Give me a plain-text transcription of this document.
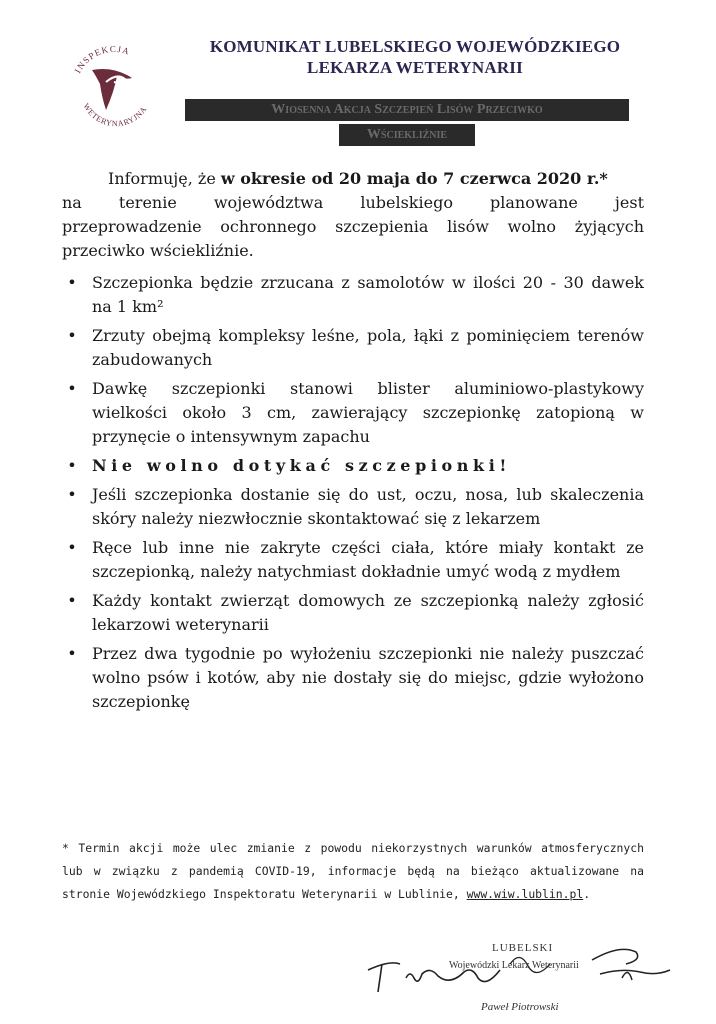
INSPEKCJA
WETERYNARYJNA
KOMUNIKAT LUBELSKIEGO WOJEWÓDZKIEGO
LEKARZA WETERYNARII
Wiosenna Akcja Szczepień Lisów Przeciwko
Wściekliźnie

Informuję, że w okresie od 20 maja do 7 czerwca 2020 r.*
na terenie województwa lubelskiego planowane jest
przeprowadzenie ochronnego szczepienia lisów wolno żyjących
przeciwko wściekliźnie.

• Szczepionka będzie zrzucana z samolotów w ilości 20 - 30 dawek na 1 km²
• Zrzuty obejmą kompleksy leśne, pola, łąki z pominięciem terenów zabudowanych
• Dawkę szczepionki stanowi blister aluminiowo-plastykowy wielkości około 3 cm, zawierający szczepionkę zatopioną w przynęcie o intensywnym zapachu
• Nie wolno dotykać szczepionki!
• Jeśli szczepionka dostanie się do ust, oczu, nosa, lub skaleczenia skóry należy niezwłocznie skontaktować się z lekarzem
• Ręce lub inne nie zakryte części ciała, które miały kontakt ze szczepionką, należy natychmiast dokładnie umyć wodą z mydłem
• Każdy kontakt zwierząt domowych ze szczepionką należy zgłosić lekarzowi weterynarii
• Przez dwa tygodnie po wyłożeniu szczepionki nie należy puszczać wolno psów i kotów, aby nie dostały się do miejsc, gdzie wyłożono szczepionkę
* Termin akcji może ulec zmianie z powodu niekorzystnych warunków atmosferycznych lub w związku z pandemią COVID-19, informacje będą na bieżąco aktualizowane na stronie Wojewódzkiego Inspektoratu Weterynarii w Lublinie, www.wiw.lublin.pl.
LUBELSKI
Wojewódzki Lekarz Weterynarii
Paweł Piotrowski
